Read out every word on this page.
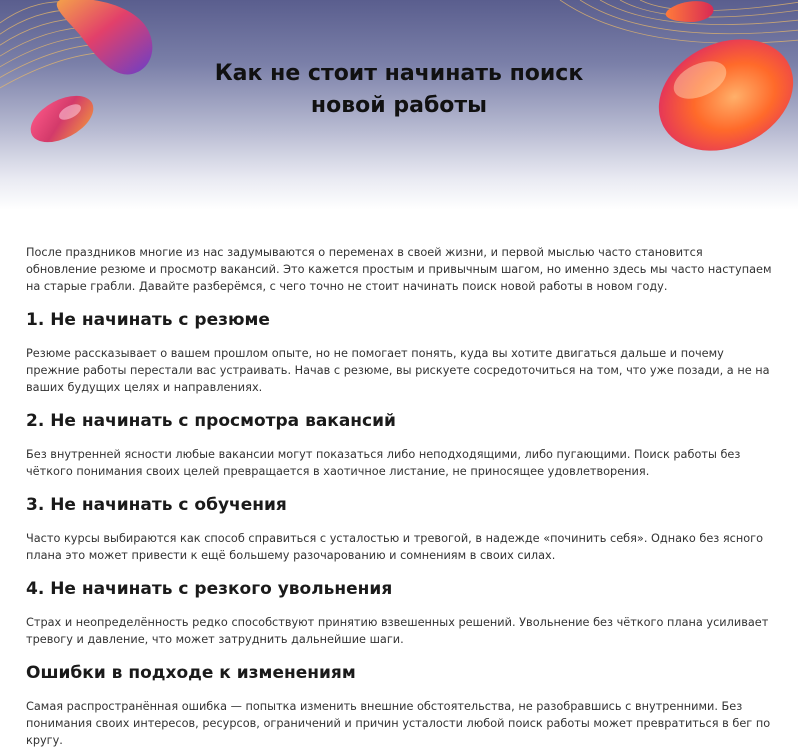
Как не стоит начинать поиск
новой работы

После праздников многие из нас задумываются о переменах в своей жизни, и первой мыслью часто становится обновление резюме и просмотр вакансий. Это кажется простым и привычным шагом, но именно здесь мы часто наступаем на старые грабли. Давайте разберёмся, с чего точно не стоит начинать поиск новой работы в новом году.

1. Не начинать с резюме

Резюме рассказывает о вашем прошлом опыте, но не помогает понять, куда вы хотите двигаться дальше и почему прежние работы перестали вас устраивать. Начав с резюме, вы рискуете сосредоточиться на том, что уже позади, а не на ваших будущих целях и направлениях.

2. Не начинать с просмотра вакансий

Без внутренней ясности любые вакансии могут показаться либо неподходящими, либо пугающими. Поиск работы без чёткого понимания своих целей превращается в хаотичное листание, не приносящее удовлетворения.

3. Не начинать с обучения

Часто курсы выбираются как способ справиться с усталостью и тревогой, в надежде «починить себя». Однако без ясного плана это может привести к ещё большему разочарованию и сомнениям в своих силах.

4. Не начинать с резкого увольнения

Страх и неопределённость редко способствуют принятию взвешенных решений. Увольнение без чёткого плана усиливает тревогу и давление, что может затруднить дальнейшие шаги.

Ошибки в подходе к изменениям

Самая распространённая ошибка — попытка изменить внешние обстоятельства, не разобравшись с внутренними. Без понимания своих интересов, ресурсов, ограничений и причин усталости любой поиск работы может превратиться в бег по кругу.
